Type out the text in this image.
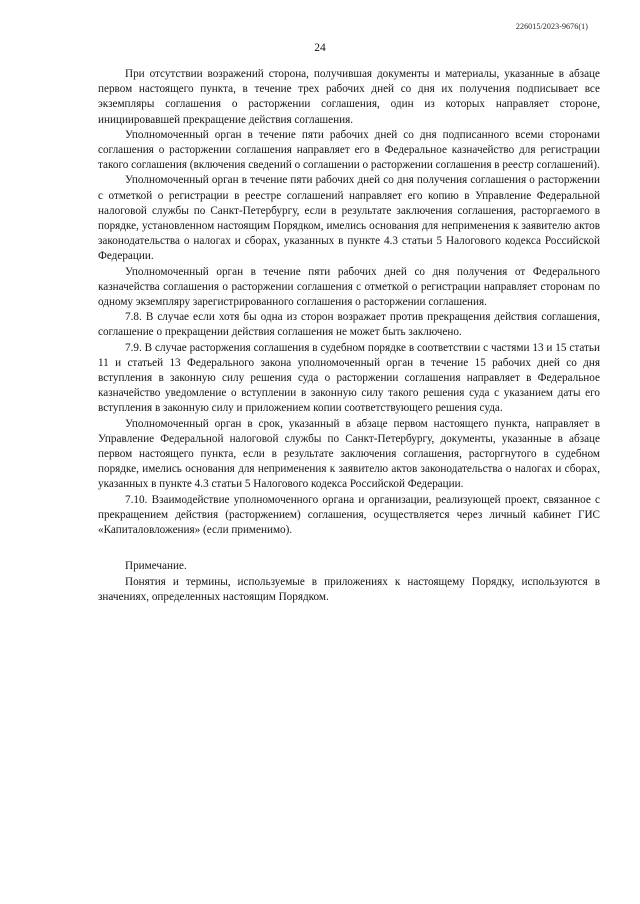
226015/2023-9676(1)
24

При отсутствии возражений сторона, получившая документы и материалы, указанные в абзаце первом настоящего пункта, в течение трех рабочих дней со дня их получения подписывает все экземпляры соглашения о расторжении соглашения, один из которых направляет стороне, инициировавшей прекращение действия соглашения.

Уполномоченный орган в течение пяти рабочих дней со дня подписанного всеми сторонами соглашения о расторжении соглашения направляет его в Федеральное казначейство для регистрации такого соглашения (включения сведений о соглашении о расторжении соглашения в реестр соглашений).

Уполномоченный орган в течение пяти рабочих дней со дня получения соглашения о расторжении с отметкой о регистрации в реестре соглашений направляет его копию в Управление Федеральной налоговой службы по Санкт-Петербургу, если в результате заключения соглашения, расторгаемого в порядке, установленном настоящим Порядком, имелись основания для неприменения к заявителю актов законодательства о налогах и сборах, указанных в пункте 4.3 статьи 5 Налогового кодекса Российской Федерации.

Уполномоченный орган в течение пяти рабочих дней со дня получения от Федерального казначейства соглашения о расторжении соглашения с отметкой о регистрации направляет сторонам по одному экземпляру зарегистрированного соглашения о расторжении соглашения.

7.8. В случае если хотя бы одна из сторон возражает против прекращения действия соглашения, соглашение о прекращении действия соглашения не может быть заключено.

7.9. В случае расторжения соглашения в судебном порядке в соответствии с частями 13 и 15 статьи 11 и статьей 13 Федерального закона уполномоченный орган в течение 15 рабочих дней со дня вступления в законную силу решения суда о расторжении соглашения направляет в Федеральное казначейство уведомление о вступлении в законную силу такого решения суда с указанием даты его вступления в законную силу и приложением копии соответствующего решения суда.

Уполномоченный орган в срок, указанный в абзаце первом настоящего пункта, направляет в Управление Федеральной налоговой службы по Санкт-Петербургу, документы, указанные в абзаце первом настоящего пункта, если в результате заключения соглашения, расторгнутого в судебном порядке, имелись основания для неприменения к заявителю актов законодательства о налогах и сборах, указанных в пункте 4.3 статьи 5 Налогового кодекса Российской Федерации.

7.10. Взаимодействие уполномоченного органа и организации, реализующей проект, связанное с прекращением действия (расторжением) соглашения, осуществляется через личный кабинет ГИС «Капиталовложения» (если применимо).

Примечание.

Понятия и термины, используемые в приложениях к настоящему Порядку, используются в значениях, определенных настоящим Порядком.
